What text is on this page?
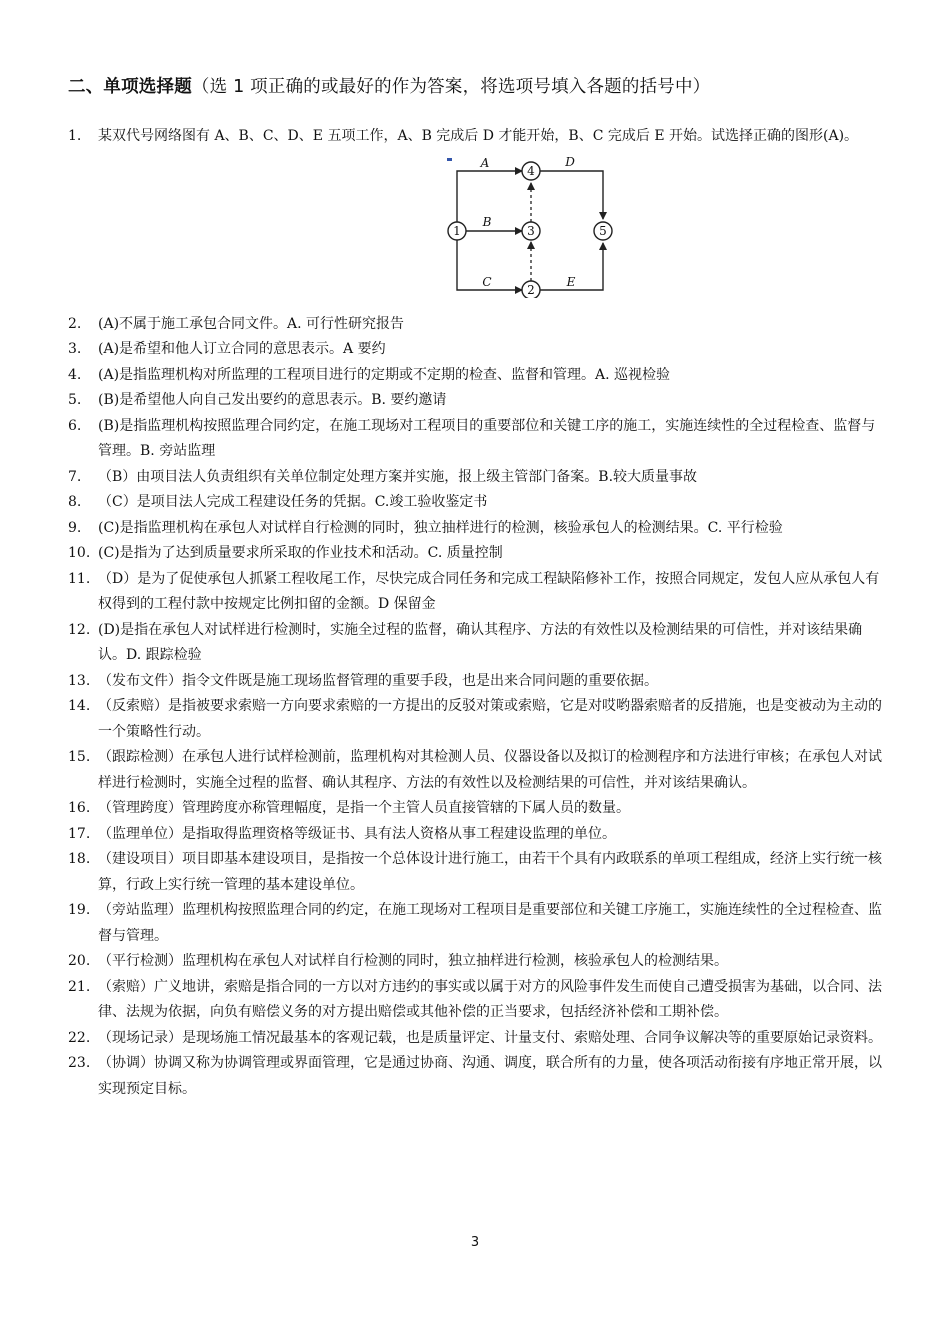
二、单项选择题（选 1 项正确的或最好的作为答案，将选项号填入各题的括号中）
1.	某双代号网络图有 A、B、C、D、E 五项工作，A、B 完成后 D 才能开始，B、C 完成后 E 开始。试选择正确的图形(A)。
1
4
3
2
5
A	D
B
C	E
2.	(A)不属于施工承包合同文件。A. 可行性研究报告
3.	(A)是希望和他人订立合同的意思表示。A 要约
4.	(A)是指监理机构对所监理的工程项目进行的定期或不定期的检查、监督和管理。A. 巡视检验
5.	(B)是希望他人向自己发出要约的意思表示。B. 要约邀请
6.	(B)是指监理机构按照监理合同约定，在施工现场对工程项目的重要部位和关键工序的施工，实施连续性的全过程检查、监督与管理。B. 旁站监理
7.	（B）由项目法人负责组织有关单位制定处理方案并实施，报上级主管部门备案。B.较大质量事故
8.	（C）是项目法人完成工程建设任务的凭据。C.竣工验收鉴定书
9.	(C)是指监理机构在承包人对试样自行检测的同时，独立抽样进行的检测，核验承包人的检测结果。C. 平行检验
10. (C)是指为了达到质量要求所采取的作业技术和活动。C. 质量控制
11. （D）是为了促使承包人抓紧工程收尾工作，尽快完成合同任务和完成工程缺陷修补工作，按照合同规定，发包人应从承包人有权得到的工程付款中按规定比例扣留的金额。D 保留金
12. (D)是指在承包人对试样进行检测时，实施全过程的监督，确认其程序、方法的有效性以及检测结果的可信性，并对该结果确认。D. 跟踪检验
13. （发布文件）指令文件既是施工现场监督管理的重要手段，也是出来合同问题的重要依据。
14. （反索赔）是指被要求索赔一方向要求索赔的一方提出的反驳对策或索赔，它是对哎哟器索赔者的反措施，也是变被动为主动的一个策略性行动。
15. （跟踪检测）在承包人进行试样检测前，监理机构对其检测人员、仪器设备以及拟订的检测程序和方法进行审核；在承包人对试样进行检测时，实施全过程的监督、确认其程序、方法的有效性以及检测结果的可信性，并对该结果确认。
16. （管理跨度）管理跨度亦称管理幅度，是指一个主管人员直接管辖的下属人员的数量。
17. （监理单位）是指取得监理资格等级证书、具有法人资格从事工程建设监理的单位。
18. （建设项目）项目即基本建设项目，是指按一个总体设计进行施工，由若干个具有内政联系的单项工程组成，经济上实行统一核算，行政上实行统一管理的基本建设单位。
19. （旁站监理）监理机构按照监理合同的约定，在施工现场对工程项目是重要部位和关键工序施工，实施连续性的全过程检查、监督与管理。
20. （平行检测）监理机构在承包人对试样自行检测的同时，独立抽样进行检测，核验承包人的检测结果。
21. （索赔）广义地讲，索赔是指合同的一方以对方违约的事实或以属于对方的风险事件发生而使自己遭受损害为基础，以合同、法律、法规为依据，向负有赔偿义务的对方提出赔偿或其他补偿的正当要求，包括经济补偿和工期补偿。
22. （现场记录）是现场施工情况最基本的客观记载，也是质量评定、计量支付、索赔处理、合同争议解决等的重要原始记录资料。
23. （协调）协调又称为协调管理或界面管理，它是通过协商、沟通、调度，联合所有的力量，使各项活动衔接有序地正常开展，以实现预定目标。
3
